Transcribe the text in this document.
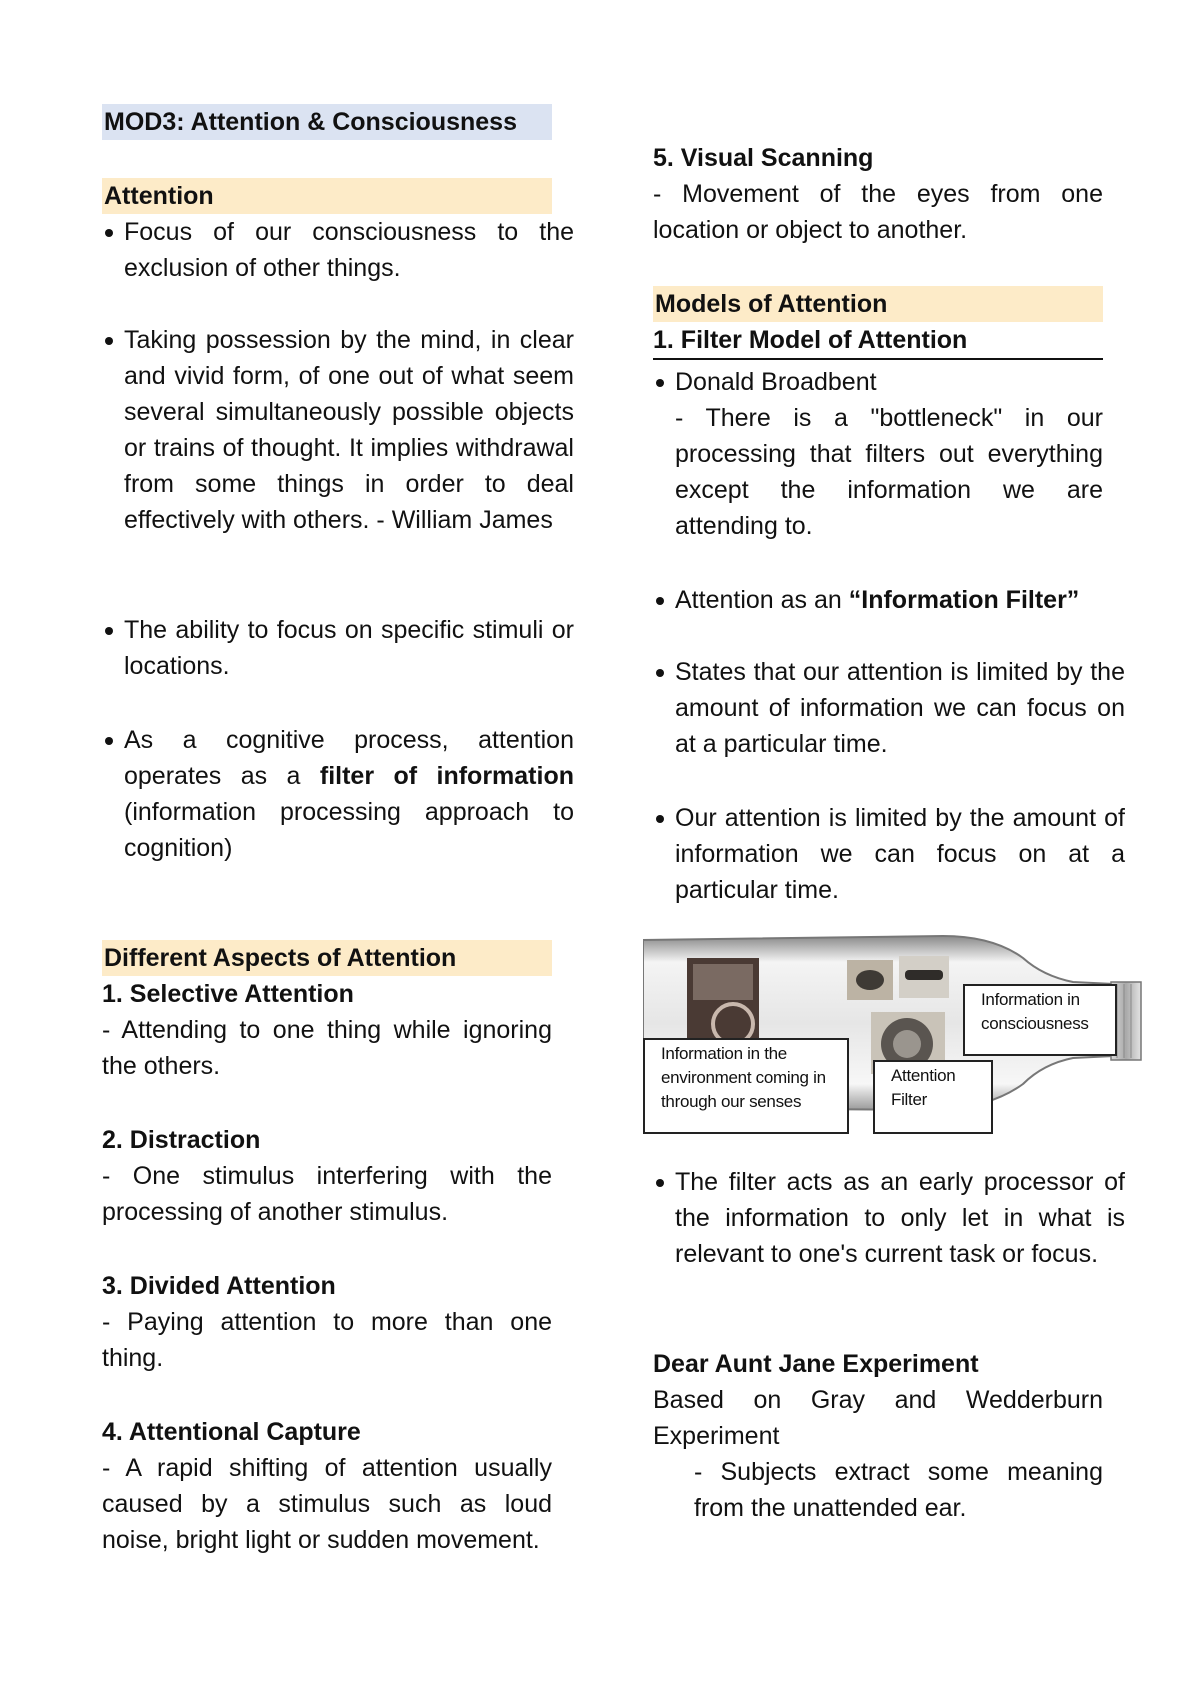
MOD3: Attention & Consciousness
Attention
Focus of our consciousness to the exclusion of other things.
Taking possession by the mind, in clear and vivid form, of one out of what seem several simultaneously possible objects or trains of thought. It implies withdrawal from some things in order to deal effectively with others. - William James
The ability to focus on specific stimuli or locations.
As a cognitive process, attention operates as a filter of information (information processing approach to cognition)
Different Aspects of Attention
1. Selective Attention
- Attending to one thing while ignoring the others.
2. Distraction
- One stimulus interfering with the processing of another stimulus.
3. Divided Attention
- Paying attention to more than one thing.
4. Attentional Capture
- A rapid shifting of attention usually caused by a stimulus such as loud noise, bright light or sudden movement.
5. Visual Scanning
- Movement of the eyes from one location or object to another.
Models of Attention
1. Filter Model of Attention
Donald Broadbent
- There is a "bottleneck" in our processing that filters out everything except the information we are attending to.
Attention as an “Information Filter”
States that our attention is limited by the amount of information we can focus on at a particular time.
Our attention is limited by the amount of information we can focus on at a particular time.
Information in the environment coming in through our senses
Attention Filter
Information in consciousness
The filter acts as an early processor of the information to only let in what is relevant to one's current task or focus.
Dear Aunt Jane Experiment
Based on Gray and Wedderburn Experiment
- Subjects extract some meaning from the unattended ear.
